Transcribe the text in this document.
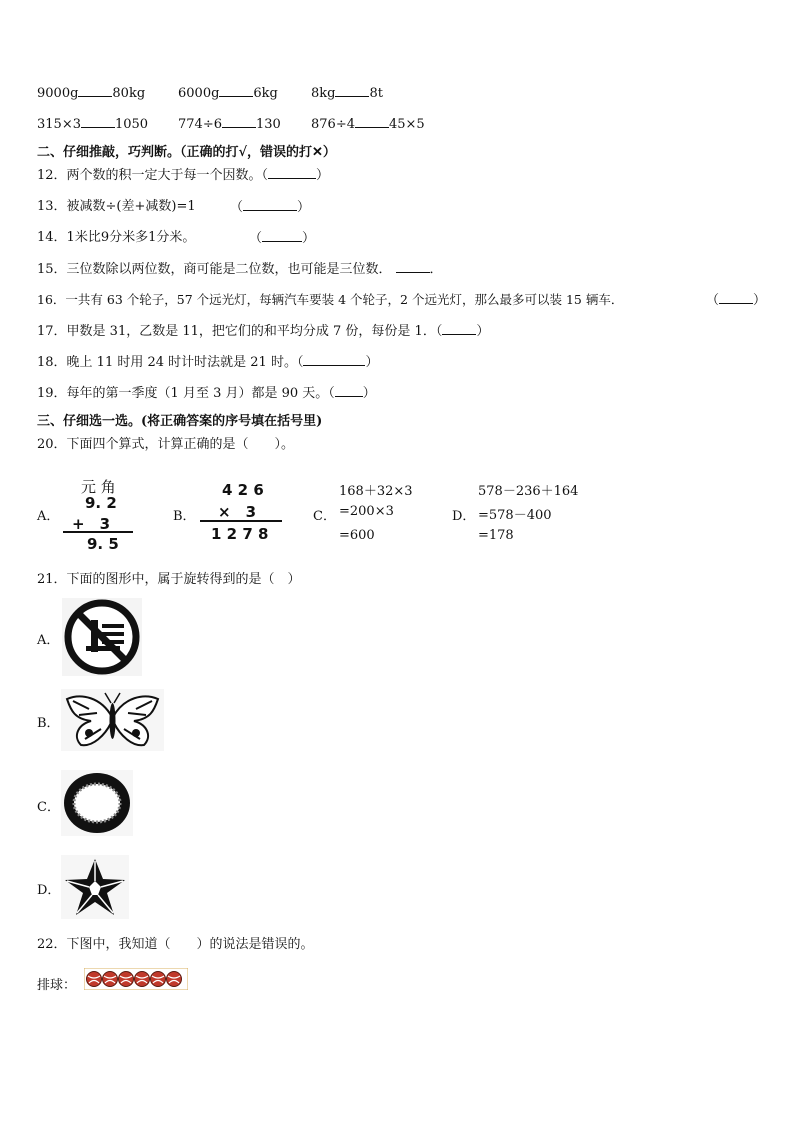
9000g	80kg	6000g	6kg	8kg	8t
315×3	1050 774÷6	130 876÷4	45×5
二、仔细推敲，巧判断。（正确的打√，错误的打✕）
12．两个数的积一定大于每一个因数。（	）
13．被减数÷(差+减数)=1	（	）
14．1米比9分米多1分米。	（	）
15．三位数除以两位数，商可能是二位数，也可能是三位数．	．
16．一共有 63 个轮子，57 个远光灯，每辆汽车要装 4 个轮子，2 个远光灯，那么最多可以装 15 辆车．	（	）
17．甲数是 31，乙数是 11，把它们的和平均分成 7 份，每份是 1．（	）
18．晚上 11 时用 24 时计时法就是 21 时。（	）
19．每年的第一季度（1 月至 3 月）都是 90 天。（ ）
三、仔细选一选。(将正确答案的序号填在括号里)
20．下面四个算式，计算正确的是（　　）。
A．
元 角
9. 2
+　3
9. 5
B．
4 2 6
×　3
1 2 7 8
C．
168＋32×3
=200×3
=600
D．
578－236＋164
=578－400
=178
21．下面的图形中，属于旋转得到的是（　）
A．
B．
C．
D．
22．下图中，我知道（　　）的说法是错误的。
排球：
